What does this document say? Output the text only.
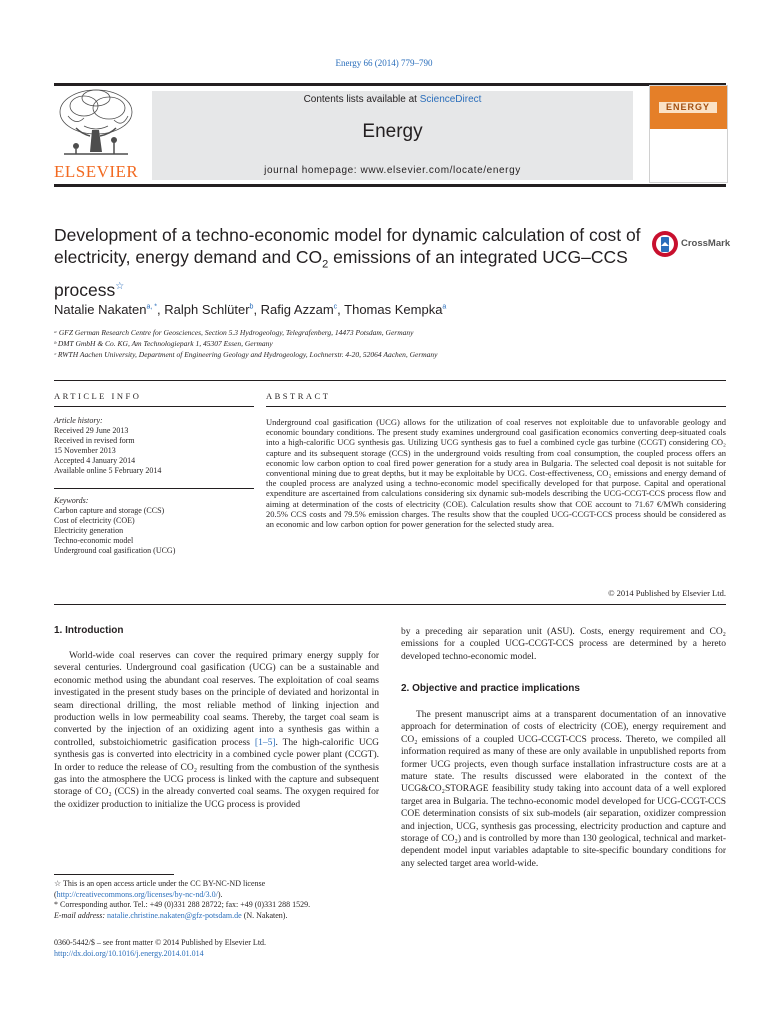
Energy 66 (2014) 779–790
ELSEVIER
Contents lists available at ScienceDirect
Energy
journal homepage: www.elsevier.com/locate/energy
ENERGY
Development of a techno-economic model for dynamic calculation of cost of electricity, energy demand and $CO_2$ emissions of an integrated UCG–CCS process☆
CrossMark
Natalie Nakaten$^{a, *}$, Ralph Schlüter$^b$, Rafig Azzam$^c$, Thomas Kempka$^a$
ᵃ GFZ German Research Centre for Geosciences, Section 5.3 Hydrogeology, Telegrafenberg, 14473 Potsdam, Germany
ᵇ DMT GmbH & Co. KG, Am Technologiepark 1, 45307 Essen, Germany
ᶜ RWTH Aachen University, Department of Engineering Geology and Hydrogeology, Lochnerstr. 4-20, 52064 Aachen, Germany
ARTICLE INFO	ABSTRACT
Article history:
Received 29 June 2013
Received in revised form
15 November 2013
Accepted 4 January 2014
Available online 5 February 2014
Keywords:
Carbon capture and storage (CCS)
Cost of electricity (COE)
Electricity generation
Techno-economic model
Underground coal gasification (UCG)
Underground coal gasification (UCG) allows for the utilization of coal reserves not exploitable due to unfavorable geology and economic boundary conditions. The present study examines underground coal gasification economics converting deep-situated coals into a high-calorific UCG synthesis gas. Utilizing UCG synthesis gas to fuel a combined cycle gas turbine (CCGT) considering CO₂ capture and its subsequent storage (CCS) in the underground voids resulting from coal consumption, the coupled process offers an economic low carbon option to coal fired power generation for a study area in Bulgaria. The selected coal deposit is not suitable for conventional mining due to great depths, but it may be exploitable by UCG. Cost-effectiveness, CO₂ emissions and energy demand of the coupled process are analyzed using a techno-economic model specifically developed for that purpose. Capital and operational expenditure are ascertained from calculations considering six dynamic sub-models describing the UCG-CCGT-CCS process flow and aiming at determination of the costs of electricity (COE). Calculation results show that COE account to 71.67 €/MWh considering 20.5% CCS costs and 79.5% emission charges. The results show that the coupled UCG-CCGT-CCS process should be considered as an economic and low carbon option for power generation for the selected study area.
© 2014 Published by Elsevier Ltd.
1. Introduction

World-wide coal reserves can cover the required primary energy supply for several centuries. Underground coal gasification (UCG) can be a sustainable and economic method using the abundant coal reserves. The exploitation of coal seams investigated in the present study bases on the principle of deviated and horizontal in seam directional drilling, the most reliable method of linking injection and production wells in low permeability coal seams. Thereby, the target coal seam is converted by the injection of an oxidizing agent into a synthesis gas within a controlled, substoichiometric gasification process [1–5]. The high-calorific UCG synthesis gas is converted into electricity in a combined cycle power plant (CCGT). In order to reduce the release of CO₂ resulting from the combustion of the synthesis gas into the atmosphere the UCG process is linked with the capture and subsequent storage of CO₂ (CCS) in the already converted coal seams. The oxygen required for the oxidizer production to initialize the UCG process is provided

☆ This is an open access article under the CC BY-NC-ND license (http://creativecommons.org/licenses/by-nc-nd/3.0/).
* Corresponding author. Tel.: +49 (0)331 288 28722; fax: +49 (0)331 288 1529.
E-mail address: natalie.christine.nakaten@gfz-potsdam.de (N. Nakaten).
0360-5442/$ – see front matter © 2014 Published by Elsevier Ltd.
http://dx.doi.org/10.1016/j.energy.2014.01.014
by a preceding air separation unit (ASU). Costs, energy requirement and CO₂ emissions for a coupled UCG-CCGT-CCS process are determined by a hereto developed techno-economic model.
2. Objective and practice implications

The present manuscript aims at a transparent documentation of an innovative approach for determination of costs of electricity (COE), energy requirement and CO₂ emissions of a coupled UCG-CCGT-CCS process. Thereto, we compiled all information required as many of these are only available in unpublished reports from former UCG projects, even though surface installation infrastructure costs are at a mature state. The results discussed were elaborated in the context of the UCG&CO₂STORAGE feasibility study taking into account data of a well explored target area in Bulgaria. The techno-economic model developed for UCG-CCGT-CCS COE determination consists of six sub-models (air separation, oxidizer compression and injection, UCG, synthesis gas processing, electricity production and capture and storage of CO₂) and is controlled by more than 130 geological, technical and market-dependent model input variables adaptable to site-specific boundary conditions for any selected target area world-wide.
